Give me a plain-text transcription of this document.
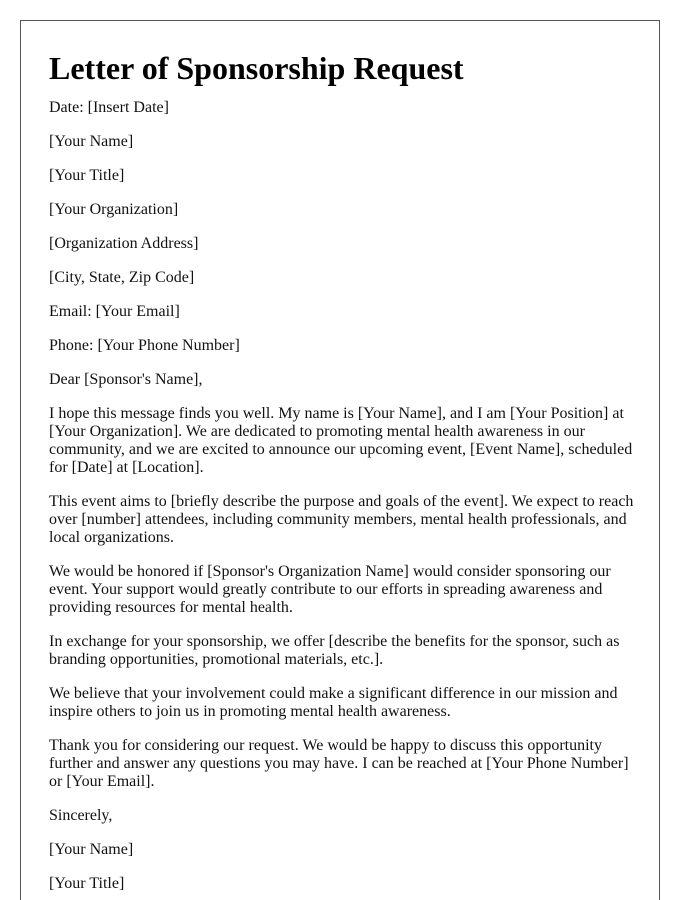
Letter of Sponsorship Request
Date: [Insert Date]
[Your Name]
[Your Title]
[Your Organization]
[Organization Address]
[City, State, Zip Code]
Email: [Your Email]
Phone: [Your Phone Number]
Dear [Sponsor's Name],

I hope this message finds you well. My name is [Your Name], and I am [Your Position] at [Your Organization]. We are dedicated to promoting mental health awareness in our community, and we are excited to announce our upcoming event, [Event Name], scheduled for [Date] at [Location].

This event aims to [briefly describe the purpose and goals of the event]. We expect to reach over [number] attendees, including community members, mental health professionals, and local organizations.

We would be honored if [Sponsor's Organization Name] would consider sponsoring our event. Your support would greatly contribute to our efforts in spreading awareness and providing resources for mental health.

In exchange for your sponsorship, we offer [describe the benefits for the sponsor, such as branding opportunities, promotional materials, etc.].

We believe that your involvement could make a significant difference in our mission and inspire others to join us in promoting mental health awareness.

Thank you for considering our request. We would be happy to discuss this opportunity further and answer any questions you may have. I can be reached at [Your Phone Number] or [Your Email].

Sincerely,
[Your Name]
[Your Title]
